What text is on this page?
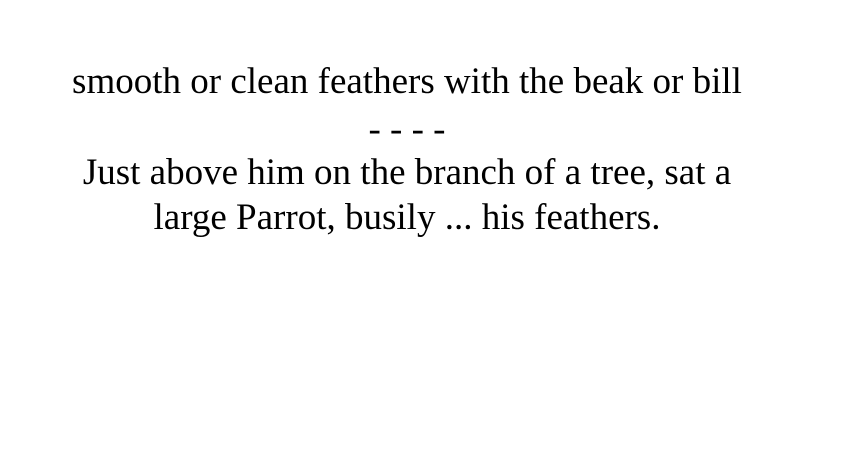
smooth or clean feathers with the beak or bill

- - - -

Just above him on the branch of a tree, sat a
large Parrot, busily ... his feathers.
